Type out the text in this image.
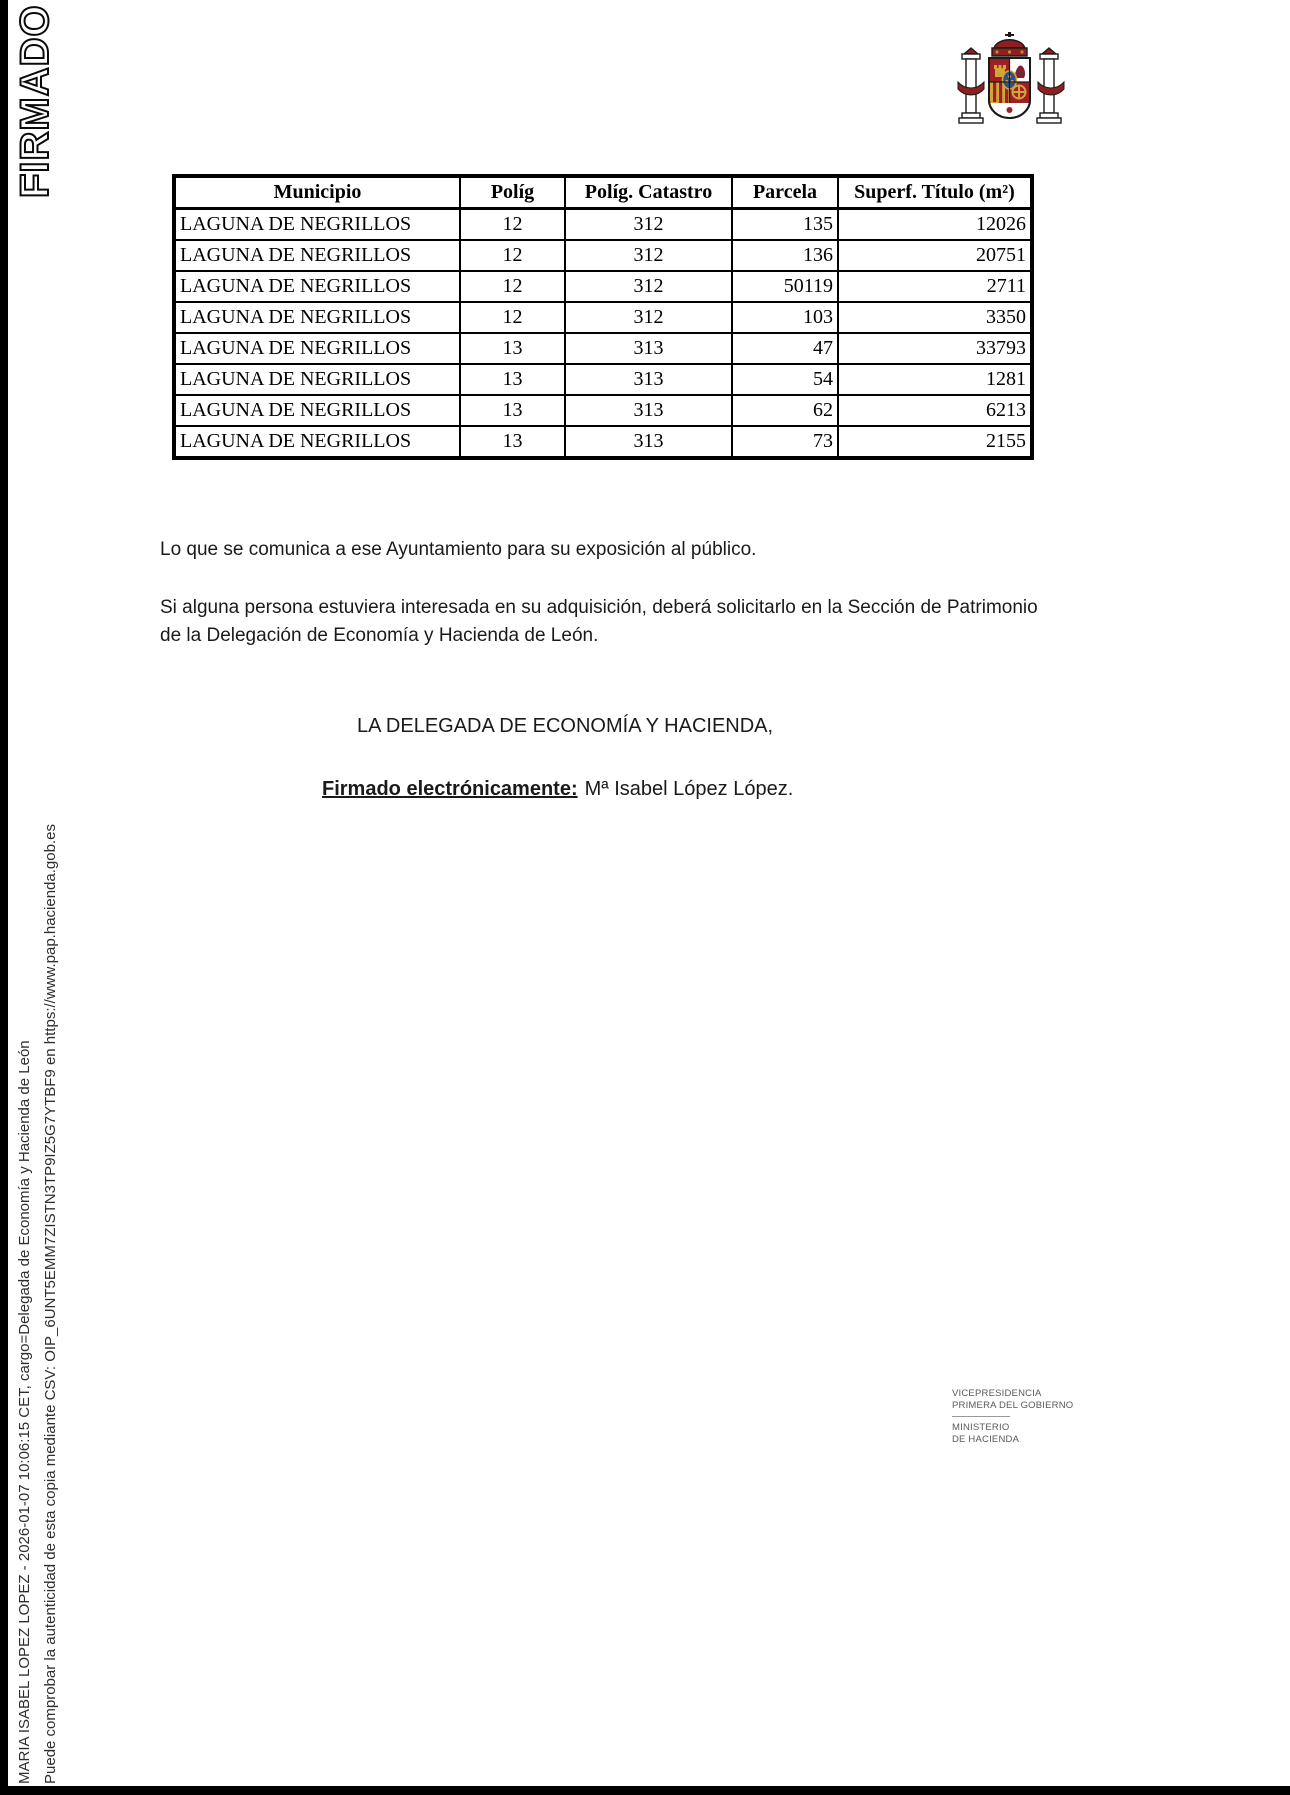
FIRMADO
MARIA ISABEL LOPEZ LOPEZ - 2026-01-07 10:06:15 CET, cargo=Delegada de Economía y Hacienda de León Puede comprobar la autenticidad de esta copia mediante CSV: OIP_6UNT5EMM7ZISTN3TP9IZ5G7YTBF9 en https://www.pap.hacienda.gob.es
Municipio	Políg	Políg. Catastro	Parcela	Superf. Título (m²)
LAGUNA DE NEGRILLOS	12	312	135	12026
LAGUNA DE NEGRILLOS	12	312	136	20751
LAGUNA DE NEGRILLOS	12	312	50119	2711
LAGUNA DE NEGRILLOS	12	312	103	3350
LAGUNA DE NEGRILLOS	13	313	47	33793
LAGUNA DE NEGRILLOS	13	313	54	1281
LAGUNA DE NEGRILLOS	13	313	62	6213
LAGUNA DE NEGRILLOS	13	313	73	2155
Lo que se comunica a ese Ayuntamiento para su exposición al público.
Si alguna persona estuviera interesada en su adquisición, deberá solicitarlo en la Sección de Patrimonio
de la Delegación de Economía y Hacienda de León.
LA DELEGADA DE ECONOMÍA Y HACIENDA,
Firmado electrónicamente: Mª Isabel López López.
VICEPRESIDENCIA
PRIMERA DEL GOBIERNO
MINISTERIO
DE HACIENDA
